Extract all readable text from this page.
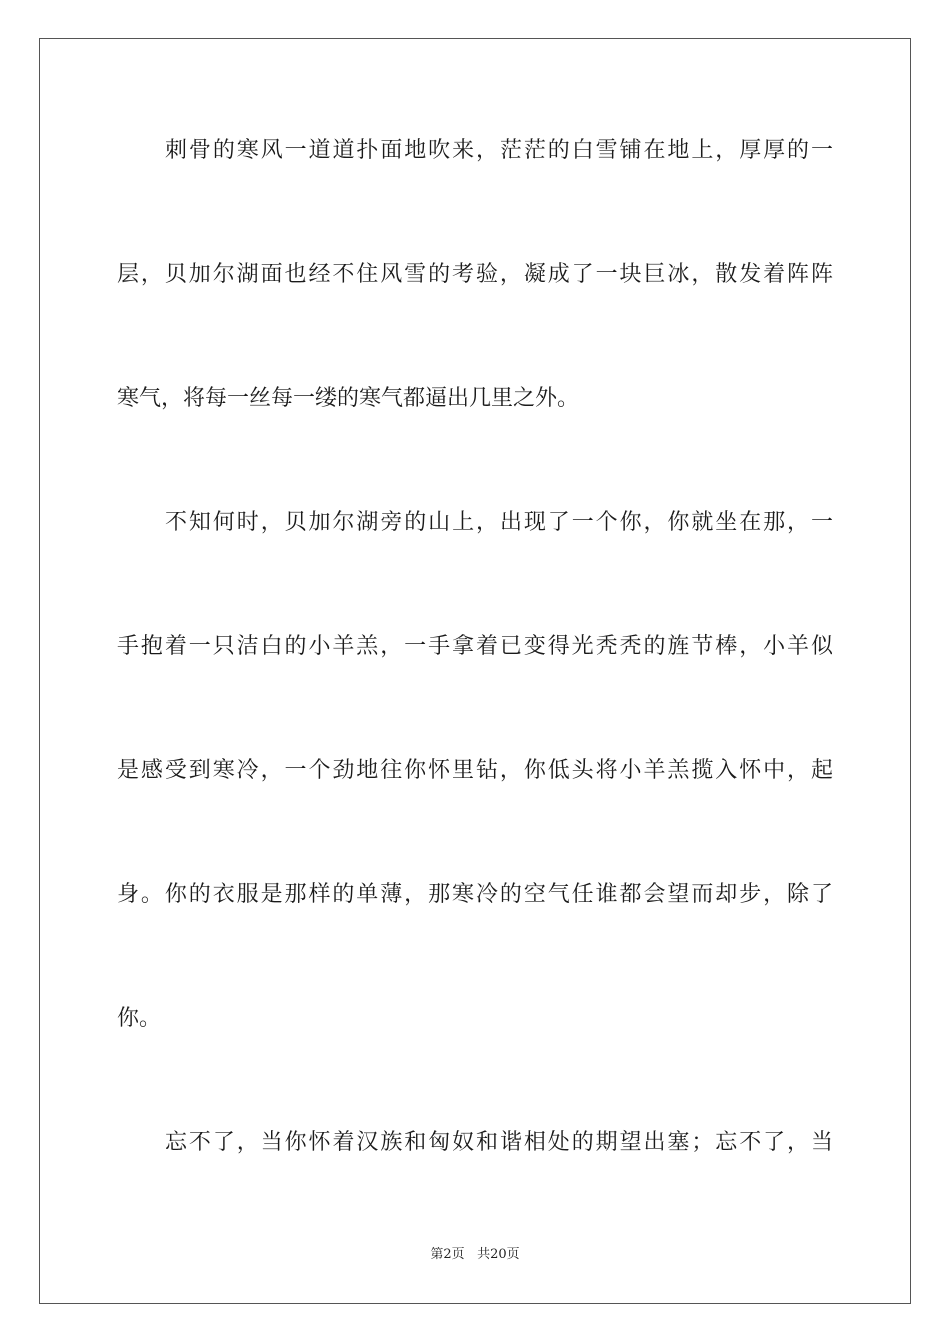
刺骨的寒风一道道扑面地吹来，茫茫的白雪铺在地上，厚厚的一
层，贝加尔湖面也经不住风雪的考验，凝成了一块巨冰，散发着阵阵
寒气，将每一丝每一缕的寒气都逼出几里之外。
不知何时，贝加尔湖旁的山上，出现了一个你，你就坐在那，一
手抱着一只洁白的小羊羔，一手拿着已变得光秃秃的旌节棒，小羊似
是感受到寒冷，一个劲地往你怀里钻，你低头将小羊羔揽入怀中，起
身。你的衣服是那样的单薄，那寒冷的空气任谁都会望而却步，除了
你。
忘不了，当你怀着汉族和匈奴和谐相处的期望出塞；忘不了，当
第2页 共20页
